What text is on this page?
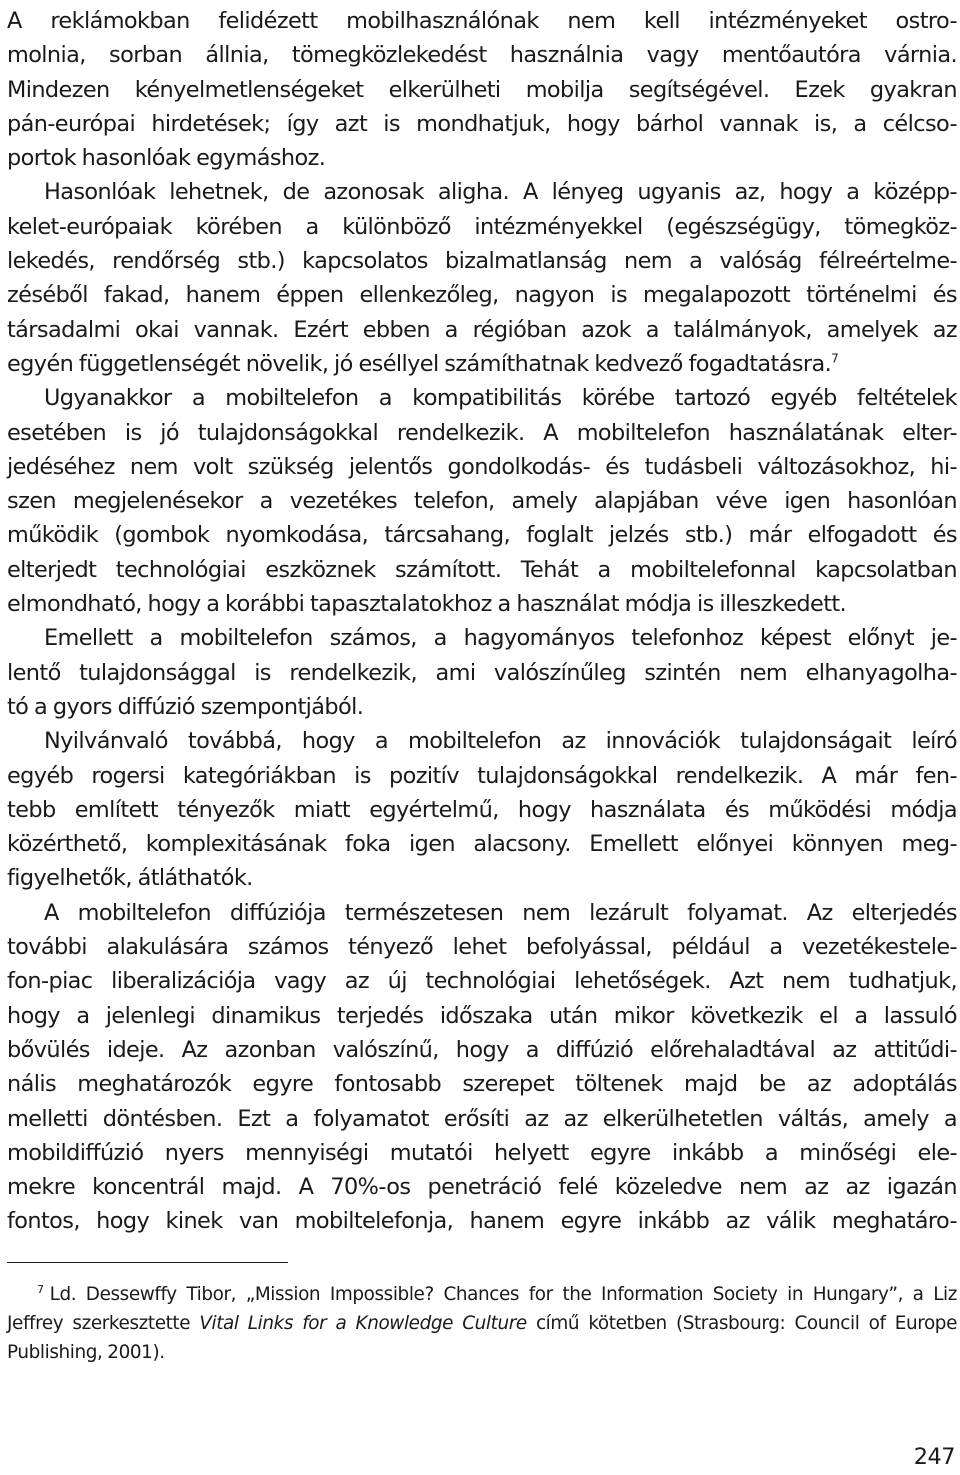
A reklámokban felidézett mobilhasználónak nem kell intézményeket ostro-
molnia, sorban állnia, tömegközlekedést használnia vagy mentőautóra várnia.
Mindezen kényelmetlenségeket elkerülheti mobilja segítségével. Ezek gyakran
pán-európai hirdetések; így azt is mondhatjuk, hogy bárhol vannak is, a célcso-
portok hasonlóak egymáshoz.
Hasonlóak lehetnek, de azonosak aligha. A lényeg ugyanis az, hogy a középp-
kelet-európaiak körében a különböző intézményekkel (egészségügy, tömegköz-
lekedés, rendőrség stb.) kapcsolatos bizalmatlanság nem a valóság félreértelme-
zéséből fakad, hanem éppen ellenkezőleg, nagyon is megalapozott történelmi és
társadalmi okai vannak. Ezért ebben a régióban azok a találmányok, amelyek az
egyén függetlenségét növelik, jó eséllyel számíthatnak kedvező fogadtatásra.$^7$
Ugyanakkor a mobiltelefon a kompatibilitás körébe tartozó egyéb feltételek
esetében is jó tulajdonságokkal rendelkezik. A mobiltelefon használatának elter-
jedéséhez nem volt szükség jelentős gondolkodás- és tudásbeli változásokhoz, hi-
szen megjelenésekor a vezetékes telefon, amely alapjában véve igen hasonlóan
működik (gombok nyomkodása, tárcsahang, foglalt jelzés stb.) már elfogadott és
elterjedt technológiai eszköznek számított. Tehát a mobiltelefonnal kapcsolatban
elmondható, hogy a korábbi tapasztalatokhoz a használat módja is illeszkedett.
Emellett a mobiltelefon számos, a hagyományos telefonhoz képest előnyt je-
lentő tulajdonsággal is rendelkezik, ami valószínűleg szintén nem elhanyagolha-
tó a gyors diffúzió szempontjából.
Nyilvánvaló továbbá, hogy a mobiltelefon az innovációk tulajdonságait leíró
egyéb rogersi kategóriákban is pozitív tulajdonságokkal rendelkezik. A már fen-
tebb említett tényezők miatt egyértelmű, hogy használata és működési módja
közérthető, komplexitásának foka igen alacsony. Emellett előnyei könnyen meg-
figyelhetők, átláthatók.
A mobiltelefon diffúziója természetesen nem lezárult folyamat. Az elterjedés
további alakulására számos tényező lehet befolyással, például a vezetékestele-
fon-piac liberalizációja vagy az új technológiai lehetőségek. Azt nem tudhatjuk,
hogy a jelenlegi dinamikus terjedés időszaka után mikor következik el a lassuló
bővülés ideje. Az azonban valószínű, hogy a diffúzió előrehaladtával az attitűdi-
nális meghatározók egyre fontosabb szerepet töltenek majd be az adoptálás
melletti döntésben. Ezt a folyamatot erősíti az az elkerülhetetlen váltás, amely a
mobildiffúzió nyers mennyiségi mutatói helyett egyre inkább a minőségi ele-
mekre koncentrál majd. A 70%-os penetráció felé közeledve nem az az igazán
fontos, hogy kinek van mobiltelefonja, hanem egyre inkább az válik meghatáro-
$^7$ Ld. Dessewffy Tibor, „Mission Impossible? Chances for the Information Society in Hungary”, a Liz
Jeffrey szerkesztette Vital Links for a Knowledge Culture című kötetben (Strasbourg: Council of Europe
Publishing, 2001).
247
